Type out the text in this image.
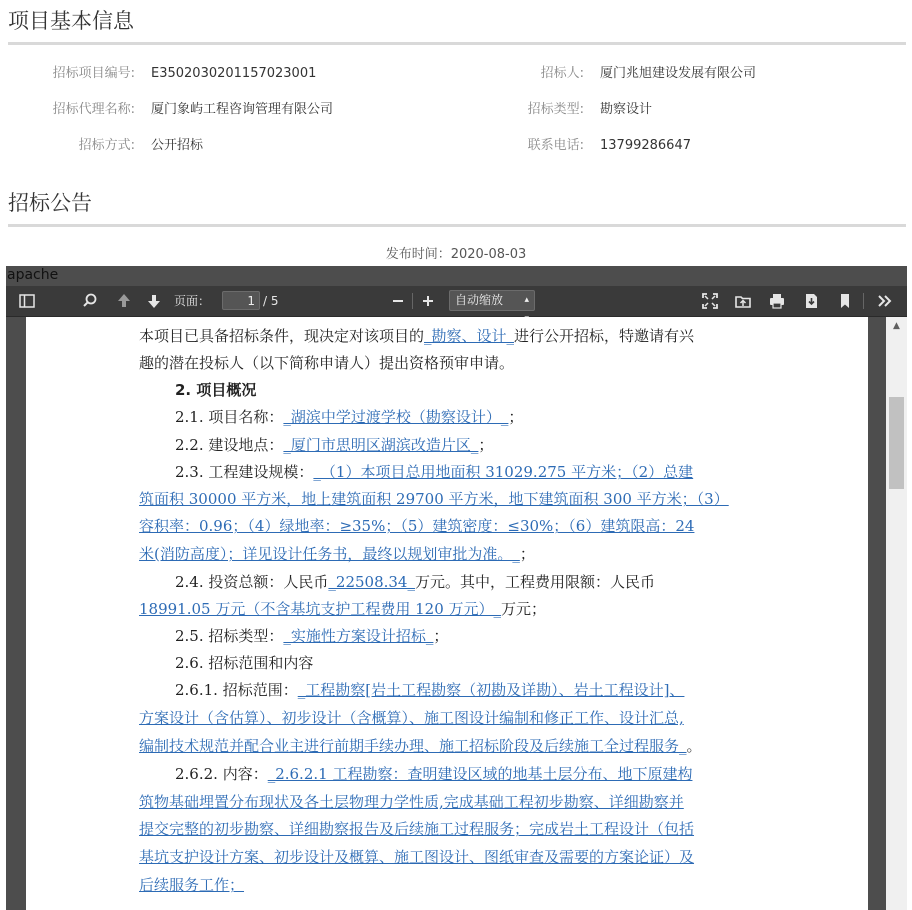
项目基本信息
招标项目编号: E3502030201157023001	招标人: 厦门兆旭建设发展有限公司
招标代理名称: 厦门象屿工程咨询管理有限公司	招标类型: 勘察设计
招标方式: 公开招标	联系电话: 13799286647
招标公告
发布时间：2020-08-03
apache
页面：
1	/ 5	自动缩放 ▴

本项目已具备招标条件，现决定对该项目的_勘察、设计_进行公开招标，特邀请有兴
趣的潜在投标人（以下简称申请人）提出资格预审申请。
2. 项目概况
2.1. 项目名称：_湖滨中学过渡学校（勘察设计）_；
2.2. 建设地点：_厦门市思明区湖滨改造片区_；
2.3. 工程建设规模：_（1）本项目总用地面积 31029.275 平方米；（2）总建
筑面积 30000 平方米，地上建筑面积 29700 平方米，地下建筑面积 300 平方米；（3）
容积率：0.96；（4）绿地率：≥35%；（5）建筑密度：≤30%；（6）建筑限高：24
米(消防高度）；详见设计任务书，最终以规划审批为准。_；
2.4. 投资总额：人民币_22508.34_万元。其中，工程费用限额：人民币
18991.05 万元（不含基坑支护工程费用 120 万元）_万元；
2.5. 招标类型：_实施性方案设计招标_；
2.6. 招标范围和内容
2.6.1. 招标范围：_工程勘察[岩土工程勘察（初勘及详勘）、岩土工程设计]、
方案设计（含估算）、初步设计（含概算）、施工图设计编制和修正工作、设计汇总,
编制技术规范并配合业主进行前期手续办理、施工招标阶段及后续施工全过程服务_。
2.6.2. 内容：_2.6.2.1 工程勘察：查明建设区域的地基土层分布、地下原建构
筑物基础埋置分布现状及各土层物理力学性质,完成基础工程初步勘察、详细勘察并
提交完整的初步勘察、详细勘察报告及后续施工过程服务；完成岩土工程设计（包括
基坑支护设计方案、初步设计及概算、施工图设计、图纸审查及需要的方案论证）及
后续服务工作；
▲
